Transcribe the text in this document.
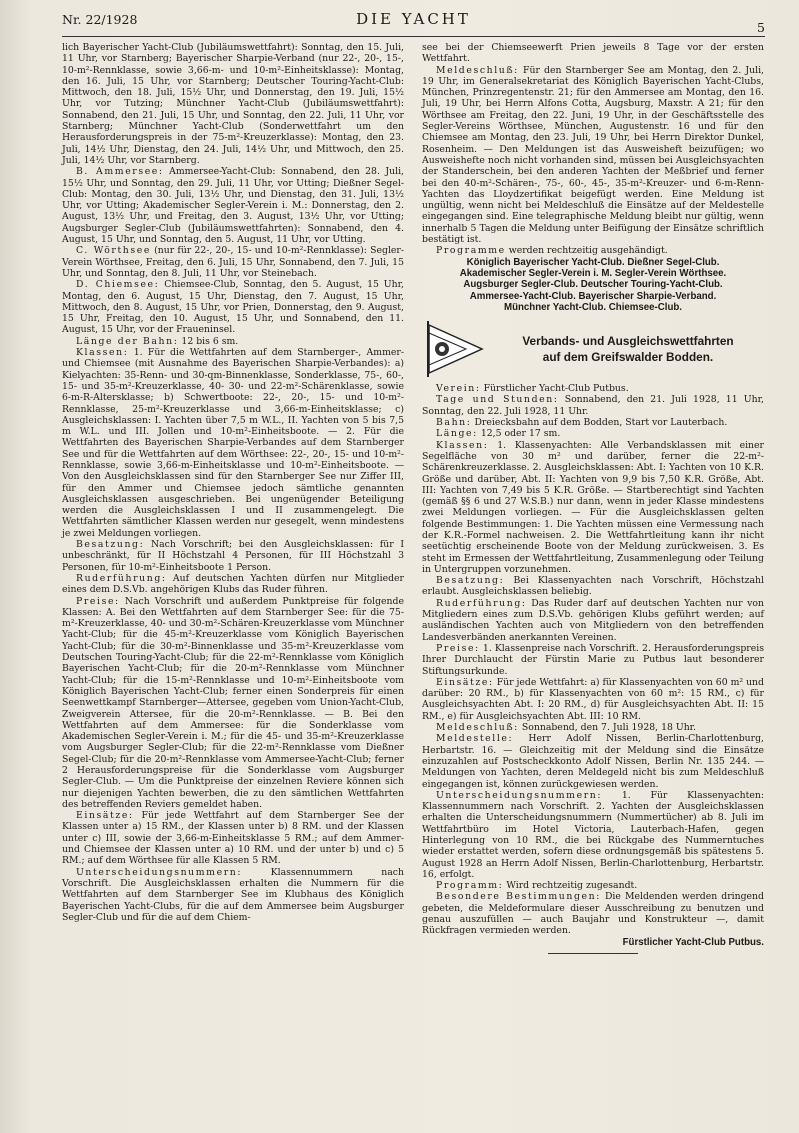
Nr. 22/1928	DIE YACHT	5

lich Bayerischer Yacht-Club (Jubiläumswettfahrt): Sonntag, den 15. Juli, 11 Uhr, vor Starnberg; Bayerischer Sharpie-Verband (nur 22-, 20-, 15-, 10-m²-Rennklasse, sowie 3,66-m- und 10-m²-Einheitsklasse): Montag, den 16. Juli, 15 Uhr, vor Starnberg; Deutscher Touring-Yacht-Club: Mittwoch, den 18. Juli, 15½ Uhr, und Donnerstag, den 19. Juli, 15½ Uhr, vor Tutzing; Münchner Yacht-Club (Jubiläumswettfahrt): Sonnabend, den 21. Juli, 15 Uhr, und Sonntag, den 22. Juli, 11 Uhr, vor Starnberg; Münchner Yacht-Club (Sonderwettfahrt um den Herausforderungspreis in der 75-m²-Kreuzerklasse): Montag, den 23. Juli, 14½ Uhr, Dienstag, den 24. Juli, 14½ Uhr, und Mittwoch, den 25. Juli, 14½ Uhr, vor Starnberg.

B. Ammersee: Ammersee-Yacht-Club: Sonnabend, den 28. Juli, 15½ Uhr, und Sonntag, den 29. Juli, 11 Uhr, vor Utting; Dießner Segel-Club: Montag, den 30. Juli, 13½ Uhr, und Dienstag, den 31. Juli, 13½ Uhr, vor Utting; Akademischer Segler-Verein i. M.: Donnerstag, den 2. August, 13½ Uhr, und Freitag, den 3. August, 13½ Uhr, vor Utting; Augsburger Segler-Club (Jubiläumswettfahrten): Sonnabend, den 4. August, 15 Uhr, und Sonntag, den 5. August, 11 Uhr, vor Utting.

C. Wörthsee (nur für 22-, 20-, 15- und 10-m²-Rennklasse): Segler-Verein Wörthsee, Freitag, den 6. Juli, 15 Uhr, Sonnabend, den 7. Juli, 15 Uhr, und Sonntag, den 8. Juli, 11 Uhr, vor Steinebach.

D. Chiemsee: Chiemsee-Club, Sonntag, den 5. August, 15 Uhr, Montag, den 6. August, 15 Uhr, Dienstag, den 7. August, 15 Uhr, Mittwoch, den 8. August, 15 Uhr, vor Prien, Donnerstag, den 9. August, 15 Uhr, Freitag, den 10. August, 15 Uhr, und Sonnabend, den 11. August, 15 Uhr, vor der Fraueninsel.

Länge der Bahn: 12 bis 6 sm.

Klassen: 1. Für die Wettfahrten auf dem Starnberger-, Ammer- und Chiemsee (mit Ausnahme des Bayerischen Sharpie-Verbandes): a) Kielyachten: 35-Renn- und 30-qm-Binnenklasse, Sonderklasse, 75-, 60-, 15- und 35-m²-Kreuzerklasse, 40- 30- und 22-m²-Schärenklasse, sowie 6-m-R-Altersklasse; b) Schwertboote: 22-, 20-, 15- und 10-m²-Rennklasse, 25-m²-Kreuzerklasse und 3,66-m-Einheitsklasse; c) Ausgleichsklassen: I. Yachten über 7,5 m W.L., II. Yachten von 5 bis 7,5 m W.L. und III. Jollen und 10-m²-Einheitsboote. — 2. Für die Wettfahrten des Bayerischen Sharpie-Verbandes auf dem Starnberger See und für die Wettfahrten auf dem Wörthsee: 22-, 20-, 15- und 10-m²-Rennklasse, sowie 3,66-m-Einheitsklasse und 10-m²-Einheitsboote. — Von den Ausgleichsklassen sind für den Starnberger See nur Ziffer III, für den Ammer und Chiemsee jedoch sämtliche genannten Ausgleichsklassen ausgeschrieben. Bei ungenügender Beteiligung werden die Ausgleichsklassen I und II zusammengelegt. Die Wettfahrten sämtlicher Klassen werden nur gesegelt, wenn mindestens je zwei Meldungen vorliegen.

Besatzung: Nach Vorschrift; bei den Ausgleichsklassen: für I unbeschränkt, für II Höchstzahl 4 Personen, für III Höchstzahl 3 Personen, für 10-m²-Einheitsboote 1 Person.

Ruderführung: Auf deutschen Yachten dürfen nur Mitglieder eines dem D.S.Vb. angehörigen Klubs das Ruder führen.

Preise: Nach Vorschrift und außerdem Punktpreise für folgende Klassen: A. Bei den Wettfahrten auf dem Starnberger See: für die 75-m²-Kreuzerklasse, 40- und 30-m²-Schären-Kreuzerklasse vom Münchner Yacht-Club; für die 45-m²-Kreuzerklasse vom Königlich Bayerischen Yacht-Club; für die 30-m²-Binnenklasse und 35-m²-Kreuzerklasse vom Deutschen Touring-Yacht-Club; für die 22-m²-Rennklasse vom Königlich Bayerischen Yacht-Club; für die 20-m²-Rennklasse vom Münchner Yacht-Club; für die 15-m²-Rennklasse und 10-m²-Einheitsboote vom Königlich Bayerischen Yacht-Club; ferner einen Sonderpreis für einen Seenwettkampf Starnberger—Attersee, gegeben vom Union-Yacht-Club, Zweigverein Attersee, für die 20-m²-Rennklasse. — B. Bei den Wettfahrten auf dem Ammersee: für die Sonderklasse vom Akademischen Segler-Verein i. M.; für die 45- und 35-m²-Kreuzerklasse vom Augsburger Segler-Club; für die 22-m²-Rennklasse vom Dießner Segel-Club; für die 20-m²-Rennklasse vom Ammersee-Yacht-Club; ferner 2 Herausforderungspreise für die Sonderklasse vom Augsburger Segler-Club. — Um die Punktpreise der einzelnen Reviere können sich nur diejenigen Yachten bewerben, die zu den sämtlichen Wettfahrten des betreffenden Reviers gemeldet haben.

Einsätze: Für jede Wettfahrt auf dem Starnberger See der Klassen unter a) 15 RM., der Klassen unter b) 8 RM. und der Klassen unter c) III, sowie der 3,66-m-Einheitsklasse 5 RM.; auf dem Ammer- und Chiemsee der Klassen unter a) 10 RM. und der unter b) und c) 5 RM.; auf dem Wörthsee für alle Klassen 5 RM.

Unterscheidungsnummern: Klassennummern nach Vorschrift. Die Ausgleichsklassen erhalten die Nummern für die Wettfahrten auf dem Starnberger See im Klubhaus des Königlich Bayerischen Yacht-Clubs, für die auf dem Ammersee beim Augsburger Segler-Club und für die auf dem Chiem-

see bei der Chiemseewerft Prien jeweils 8 Tage vor der ersten Wettfahrt.

Meldeschluß: Für den Starnberger See am Montag, den 2. Juli, 19 Uhr, im Generalsekretariat des Königlich Bayerischen Yacht-Clubs, München, Prinzregentenstr. 21; für den Ammersee am Montag, den 16. Juli, 19 Uhr, bei Herrn Alfons Cotta, Augsburg, Maxstr. A 21; für den Wörthsee am Freitag, den 22. Juni, 19 Uhr, in der Geschäftsstelle des Segler-Vereins Wörthsee, München, Augustenstr. 16 und für den Chiemsee am Montag, den 23. Juli, 19 Uhr, bei Herrn Direktor Dunkel, Rosenheim. — Den Meldungen ist das Ausweisheft beizufügen; wo Ausweishefte noch nicht vorhanden sind, müssen bei Ausgleichsyachten der Standerschein, bei den anderen Yachten der Meßbrief und ferner bei den 40-m²-Schären-, 75-, 60-, 45-, 35-m²-Kreuzer- und 6-m-Renn-Yachten das Lloydzertifikat beigefügt werden. Eine Meldung ist ungültig, wenn nicht bei Meldeschluß die Einsätze auf der Meldestelle eingegangen sind. Eine telegraphische Meldung bleibt nur gültig, wenn innerhalb 5 Tagen die Meldung unter Beifügung der Einsätze schriftlich bestätigt ist.

Programme werden rechtzeitig ausgehändigt.

Königlich Bayerischer Yacht-Club. Dießner Segel-Club.

Akademischer Segler-Verein i. M. Segler-Verein Wörthsee.

Augsburger Segler-Club. Deutscher Touring-Yacht-Club.

Ammersee-Yacht-Club. Bayerischer Sharpie-Verband.

Münchner Yacht-Club. Chiemsee-Club.

Verbands- und Ausgleichswettfahrten
auf dem Greifswalder Bodden.

Verein: Fürstlicher Yacht-Club Putbus.

Tage und Stunden: Sonnabend, den 21. Juli 1928, 11 Uhr, Sonntag, den 22. Juli 1928, 11 Uhr.

Bahn: Dreiecksbahn auf dem Bodden, Start vor Lauterbach.

Länge: 12,5 oder 17 sm.

Klassen: 1. Klassenyachten: Alle Verbandsklassen mit einer Segelfläche von 30 m² und darüber, ferner die 22-m²-Schärenkreuzerklasse. 2. Ausgleichsklassen: Abt. I: Yachten von 10 K.R. Größe und darüber, Abt. II: Yachten von 9,9 bis 7,50 K.R. Größe, Abt. III: Yachten von 7,49 bis 5 K.R. Größe. — Startberechtigt sind Yachten (gemäß §§ 6 und 27 W.S.B.) nur dann, wenn in jeder Klasse mindestens zwei Meldungen vorliegen. — Für die Ausgleichsklassen gelten folgende Bestimmungen: 1. Die Yachten müssen eine Vermessung nach der K.R.-Formel nachweisen. 2. Die Wettfahrtleitung kann ihr nicht seetüchtig erscheinende Boote von der Meldung zurückweisen. 3. Es steht im Ermessen der Wettfahrtleitung, Zusammenlegung oder Teilung in Untergruppen vorzunehmen.

Besatzung: Bei Klassenyachten nach Vorschrift, Höchstzahl erlaubt. Ausgleichsklassen beliebig.

Ruderführung: Das Ruder darf auf deutschen Yachten nur von Mitgliedern eines zum D.S.Vb. gehörigen Klubs geführt werden; auf ausländischen Yachten auch von Mitgliedern von den betreffenden Landesverbänden anerkannten Vereinen.

Preise: 1. Klassenpreise nach Vorschrift. 2. Herausforderungspreis Ihrer Durchlaucht der Fürstin Marie zu Putbus laut besonderer Stiftungsurkunde.

Einsätze: Für jede Wettfahrt: a) für Klassenyachten von 60 m² und darüber: 20 RM., b) für Klassenyachten von 60 m²: 15 RM., c) für Ausgleichsyachten Abt. I: 20 RM., d) für Ausgleichsyachten Abt. II: 15 RM., e) für Ausgleichsyachten Abt. III: 10 RM.

Meldeschluß: Sonnabend, den 7. Juli 1928, 18 Uhr.

Meldestelle: Herr Adolf Nissen, Berlin-Charlottenburg, Herbartstr. 16. — Gleichzeitig mit der Meldung sind die Einsätze einzuzahlen auf Postscheckkonto Adolf Nissen, Berlin Nr. 135 244. — Meldungen von Yachten, deren Meldegeld nicht bis zum Meldeschluß eingegangen ist, können zurückgewiesen werden.

Unterscheidungsnummern: 1. Für Klassenyachten: Klassennummern nach Vorschrift. 2. Yachten der Ausgleichsklassen erhalten die Unterscheidungsnummern (Nummertücher) ab 8. Juli im Wettfahrtbüro im Hotel Victoria, Lauterbach-Hafen, gegen Hinterlegung von 10 RM., die bei Rückgabe des Nummerntuches wieder erstattet werden, sofern diese ordnungsgemäß bis spätestens 5. August 1928 an Herrn Adolf Nissen, Berlin-Charlottenburg, Herbartstr. 16, erfolgt.

Programm: Wird rechtzeitig zugesandt.

Besondere Bestimmungen: Die Meldenden werden dringend gebeten, die Meldeformulare dieser Ausschreibung zu benutzen und genau auszufüllen — auch Baujahr und Konstrukteur —, damit Rückfragen vermieden werden.

Fürstlicher Yacht-Club Putbus.
